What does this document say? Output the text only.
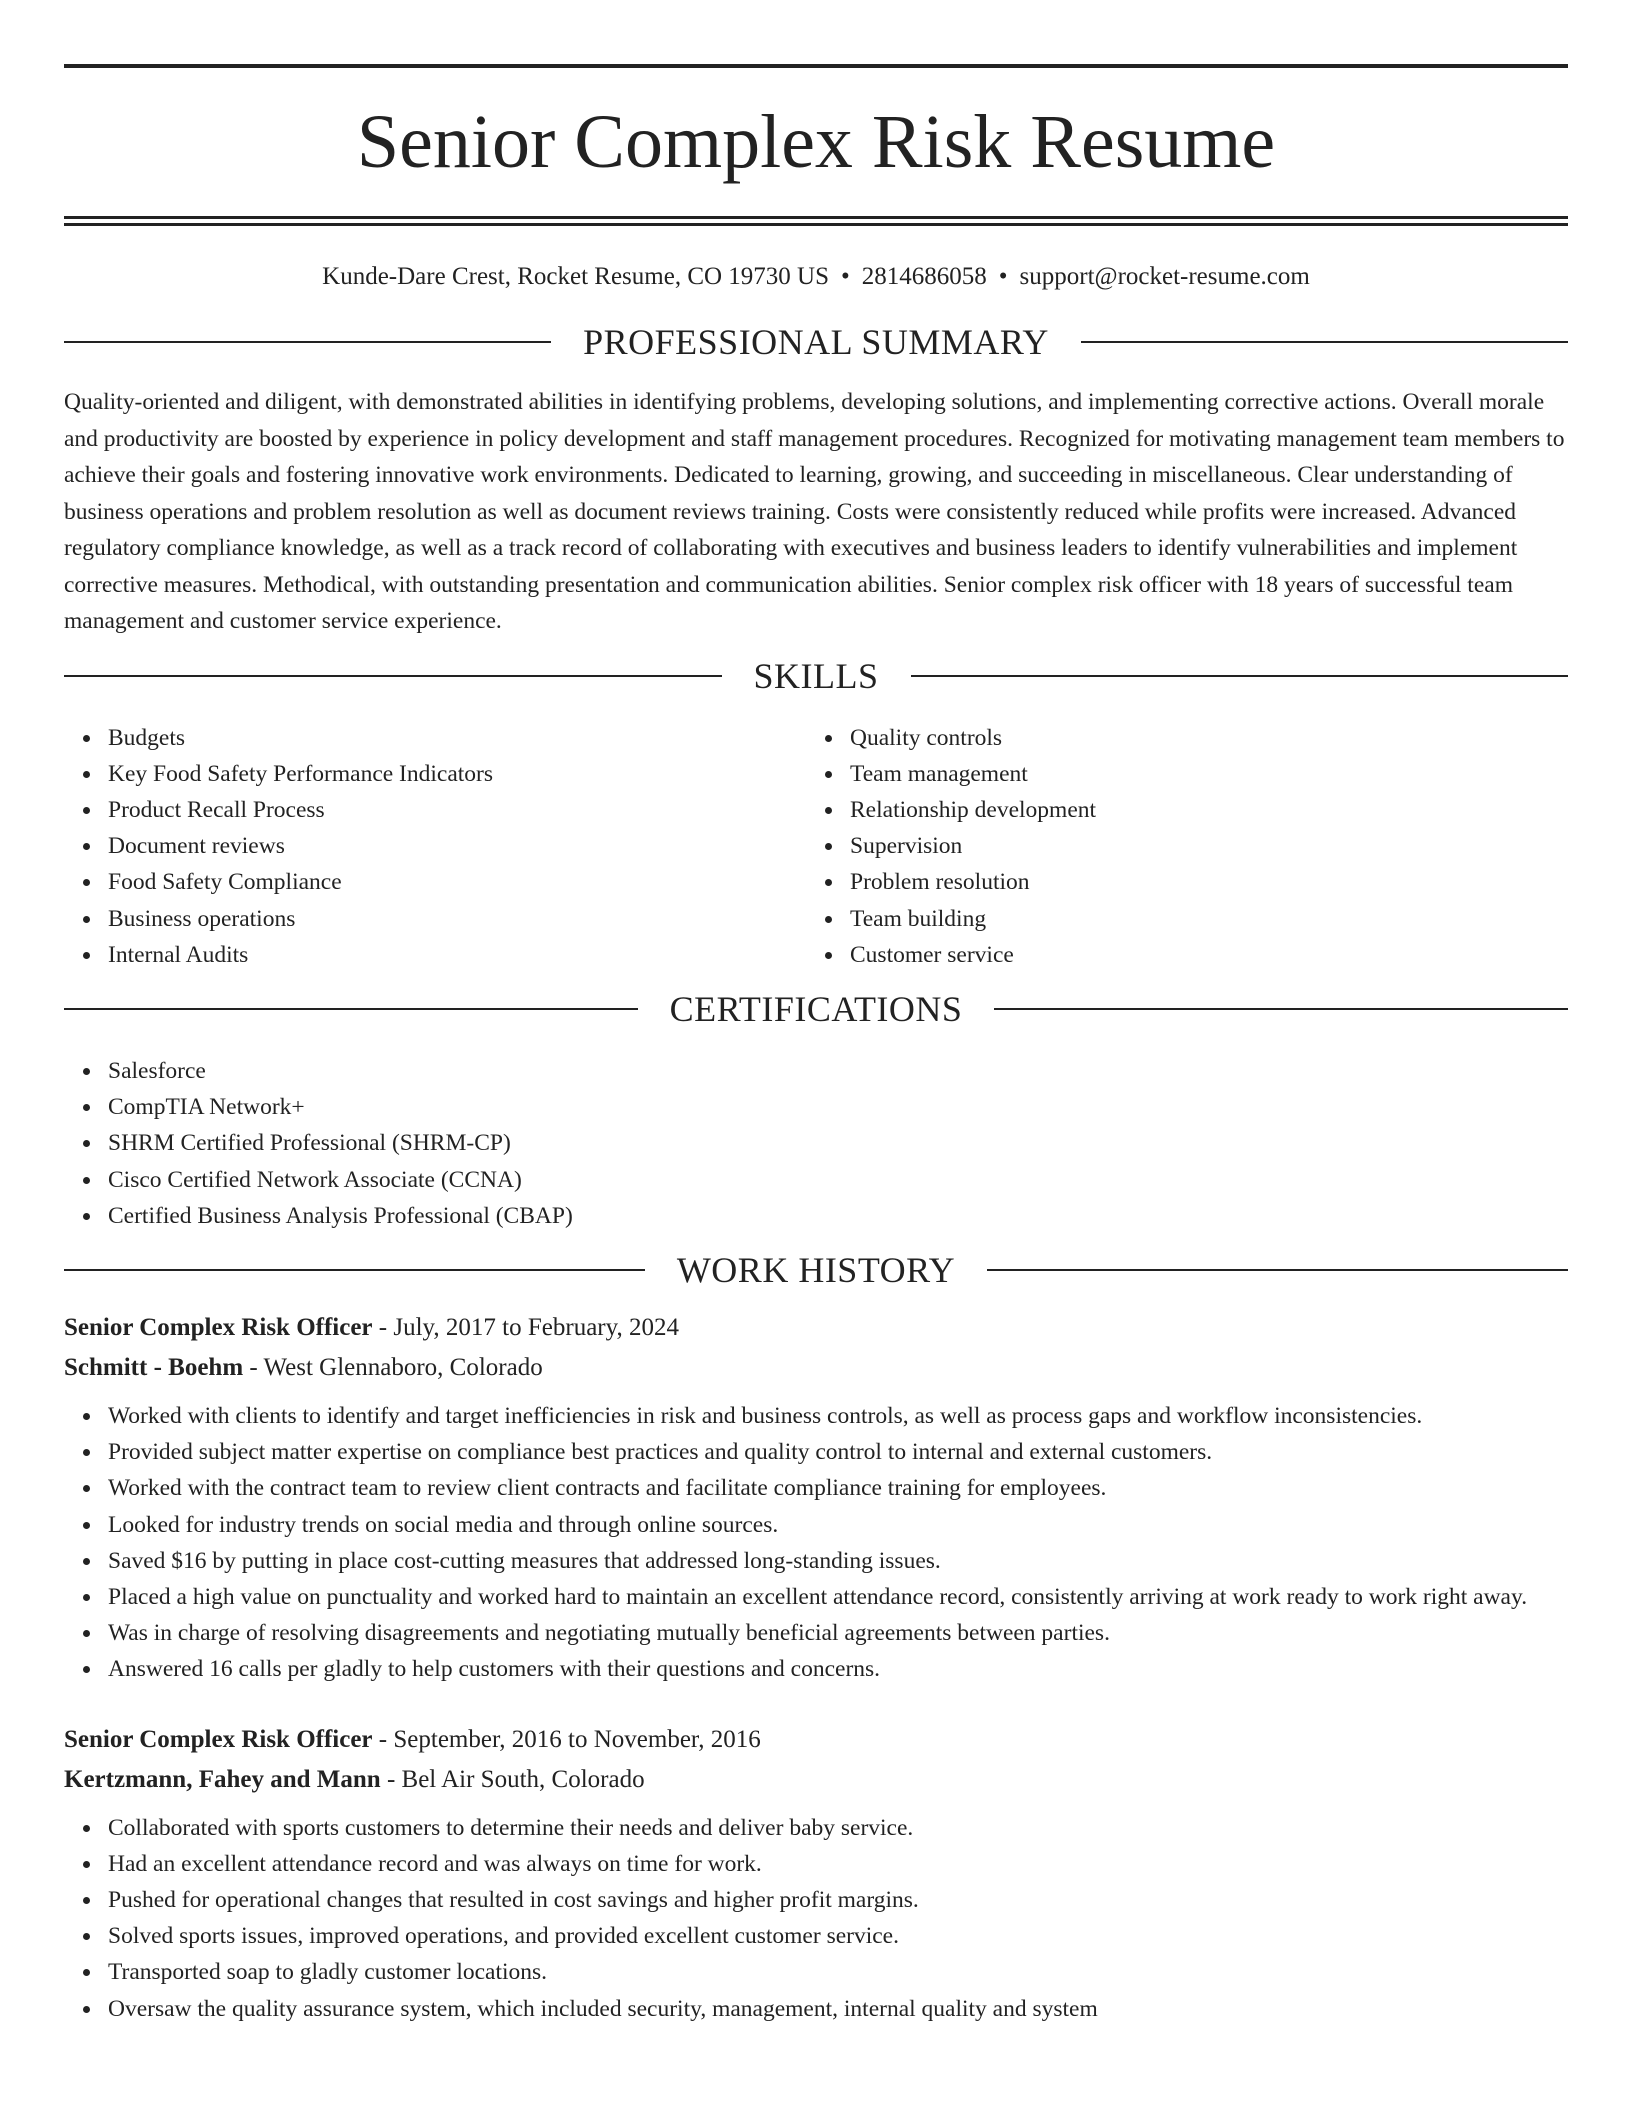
Senior Complex Risk Resume
Kunde-Dare Crest, Rocket Resume, CO 19730 US • 2814686058 • support@rocket-resume.com
PROFESSIONAL SUMMARY

Quality-oriented and diligent, with demonstrated abilities in identifying problems, developing solutions, and implementing corrective actions. Overall morale and productivity are boosted by experience in policy development and staff management procedures. Recognized for motivating management team members to achieve their goals and fostering innovative work environments. Dedicated to learning, growing, and succeeding in miscellaneous. Clear understanding of business operations and problem resolution as well as document reviews training. Costs were consistently reduced while profits were increased. Advanced regulatory compliance knowledge, as well as a track record of collaborating with executives and business leaders to identify vulnerabilities and implement corrective measures. Methodical, with outstanding presentation and communication abilities. Senior complex risk officer with 18 years of successful team management and customer service experience.

SKILLS
Budgets
Key Food Safety Performance Indicators
Product Recall Process
Document reviews
Food Safety Compliance
Business operations
Internal Audits
Quality controls
Team management
Relationship development
Supervision
Problem resolution
Team building
Customer service
CERTIFICATIONS
Salesforce
CompTIA Network+
SHRM Certified Professional (SHRM-CP)
Cisco Certified Network Associate (CCNA)
Certified Business Analysis Professional (CBAP)
WORK HISTORY
Senior Complex Risk Officer - July, 2017 to February, 2024
Schmitt - Boehm - West Glennaboro, Colorado
Worked with clients to identify and target inefficiencies in risk and business controls, as well as process gaps and workflow inconsistencies.
Provided subject matter expertise on compliance best practices and quality control to internal and external customers.
Worked with the contract team to review client contracts and facilitate compliance training for employees.
Looked for industry trends on social media and through online sources.
Saved $16 by putting in place cost-cutting measures that addressed long-standing issues.
Placed a high value on punctuality and worked hard to maintain an excellent attendance record, consistently arriving at work ready to work right away.
Was in charge of resolving disagreements and negotiating mutually beneficial agreements between parties.
Answered 16 calls per gladly to help customers with their questions and concerns.
Senior Complex Risk Officer - September, 2016 to November, 2016
Kertzmann, Fahey and Mann - Bel Air South, Colorado
Collaborated with sports customers to determine their needs and deliver baby service.
Had an excellent attendance record and was always on time for work.
Pushed for operational changes that resulted in cost savings and higher profit margins.
Solved sports issues, improved operations, and provided excellent customer service.
Transported soap to gladly customer locations.
Oversaw the quality assurance system, which included security, management, internal quality and system
